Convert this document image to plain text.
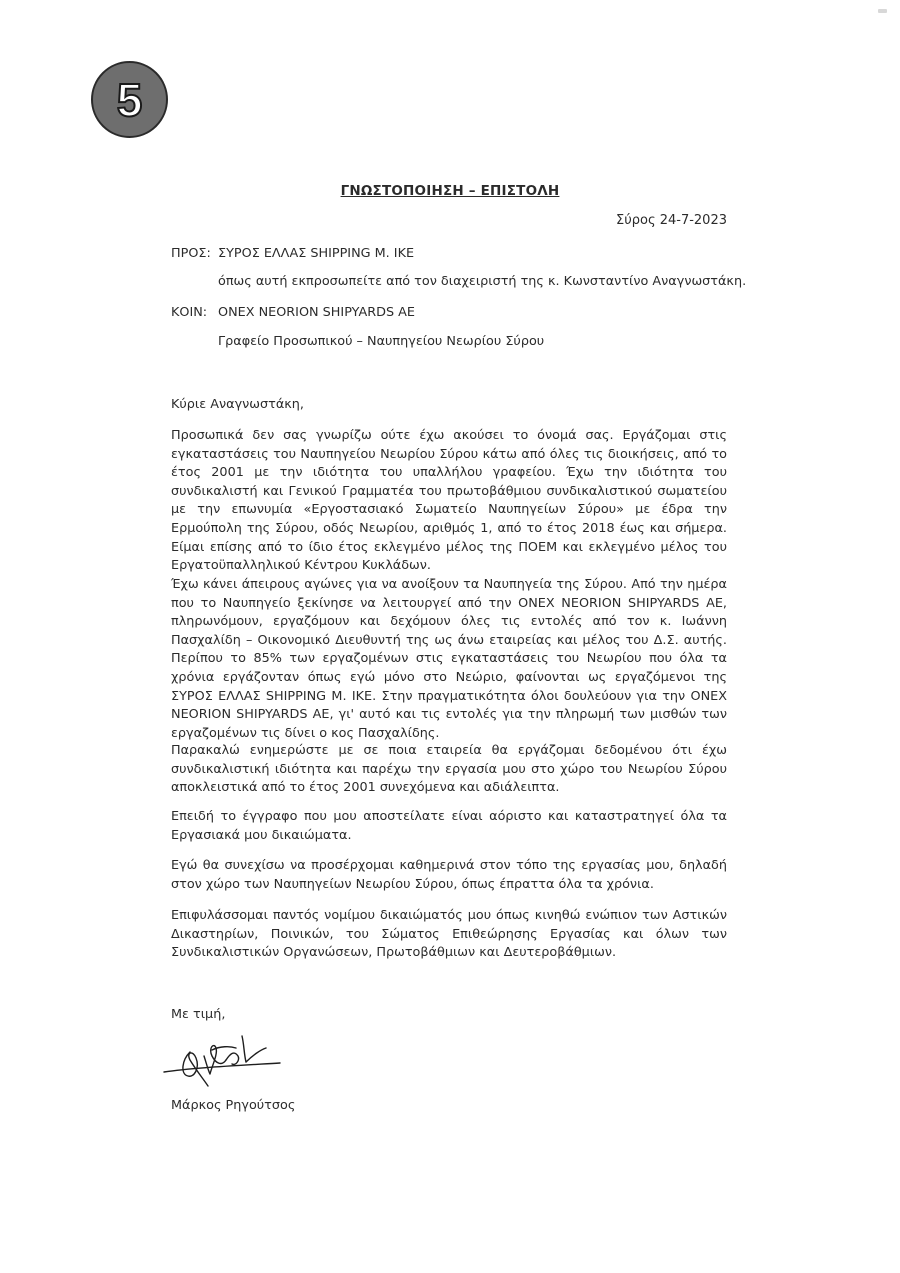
5
ΓΝΩΣΤΟΠΟΙΗΣΗ – ΕΠΙΣΤΟΛΗ
Σύρος 24-7-2023
ΠΡΟΣ: ΣΥΡΟΣ ΕΛΛΑΣ SHIPPING Μ. ΙΚΕ
όπως αυτή εκπροσωπείτε από τον διαχειριστή της κ. Κωνσταντίνο Αναγνωστάκη.
ΚΟΙΝ: ONEX NEORION SHIPYARDS AE
Γραφείο Προσωπικού – Ναυπηγείου Νεωρίου Σύρου
Κύριε Αναγνωστάκη,
Προσωπικά δεν σας γνωρίζω ούτε έχω ακούσει το όνομά σας. Εργάζομαι στις εγκαταστάσεις του Ναυπηγείου Νεωρίου Σύρου κάτω από όλες τις διοικήσεις, από το έτος 2001 με την ιδιότητα του υπαλλήλου γραφείου. Έχω την ιδιότητα του συνδικαλιστή και Γενικού Γραμματέα του πρωτοβάθμιου συνδικαλιστικού σωματείου με την επωνυμία «Εργοστασιακό Σωματείο Ναυπηγείων Σύρου» με έδρα την Ερμούπολη της Σύρου, οδός Νεωρίου, αριθμός 1, από το έτος 2018 έως και σήμερα. Είμαι επίσης από το ίδιο έτος εκλεγμένο μέλος της ΠΟΕΜ και εκλεγμένο μέλος του Εργατοϋπαλληλικού Κέντρου Κυκλάδων.
Έχω κάνει άπειρους αγώνες για να ανοίξουν τα Ναυπηγεία της Σύρου. Από την ημέρα που το Ναυπηγείο ξεκίνησε να λειτουργεί από την ONEX NEORION SHIPYARDS AE, πληρωνόμουν, εργαζόμουν και δεχόμουν όλες τις εντολές από τον κ. Ιωάννη Πασχαλίδη – Οικονομικό Διευθυντή της ως άνω εταιρείας και μέλος του Δ.Σ. αυτής. Περίπου το 85% των εργαζομένων στις εγκαταστάσεις του Νεωρίου που όλα τα χρόνια εργάζονταν όπως εγώ μόνο στο Νεώριο, φαίνονται ως εργαζόμενοι της ΣΥΡΟΣ ΕΛΛΑΣ SHIPPING Μ. ΙΚΕ. Στην πραγματικότητα όλοι δουλεύουν για την ONEX NEORION SHIPYARDS AE, γι' αυτό και τις εντολές για την πληρωμή των μισθών των εργαζομένων τις δίνει ο κος Πασχαλίδης.
Παρακαλώ ενημερώστε με σε ποια εταιρεία θα εργάζομαι δεδομένου ότι έχω συνδικαλιστική ιδιότητα και παρέχω την εργασία μου στο χώρο του Νεωρίου Σύρου αποκλειστικά από το έτος 2001 συνεχόμενα και αδιάλειπτα.
Επειδή το έγγραφο που μου αποστείλατε είναι αόριστο και καταστρατηγεί όλα τα Εργασιακά μου δικαιώματα.
Εγώ θα συνεχίσω να προσέρχομαι καθημερινά στον τόπο της εργασίας μου, δηλαδή στον χώρο των Ναυπηγείων Νεωρίου Σύρου, όπως έπραττα όλα τα χρόνια.
Επιφυλάσσομαι παντός νομίμου δικαιώματός μου όπως κινηθώ ενώπιον των Αστικών Δικαστηρίων, Ποινικών, του Σώματος Επιθεώρησης Εργασίας και όλων των Συνδικαλιστικών Οργανώσεων, Πρωτοβάθμιων και Δευτεροβάθμιων.
Με τιμή,
Μάρκος Ρηγούτσος
